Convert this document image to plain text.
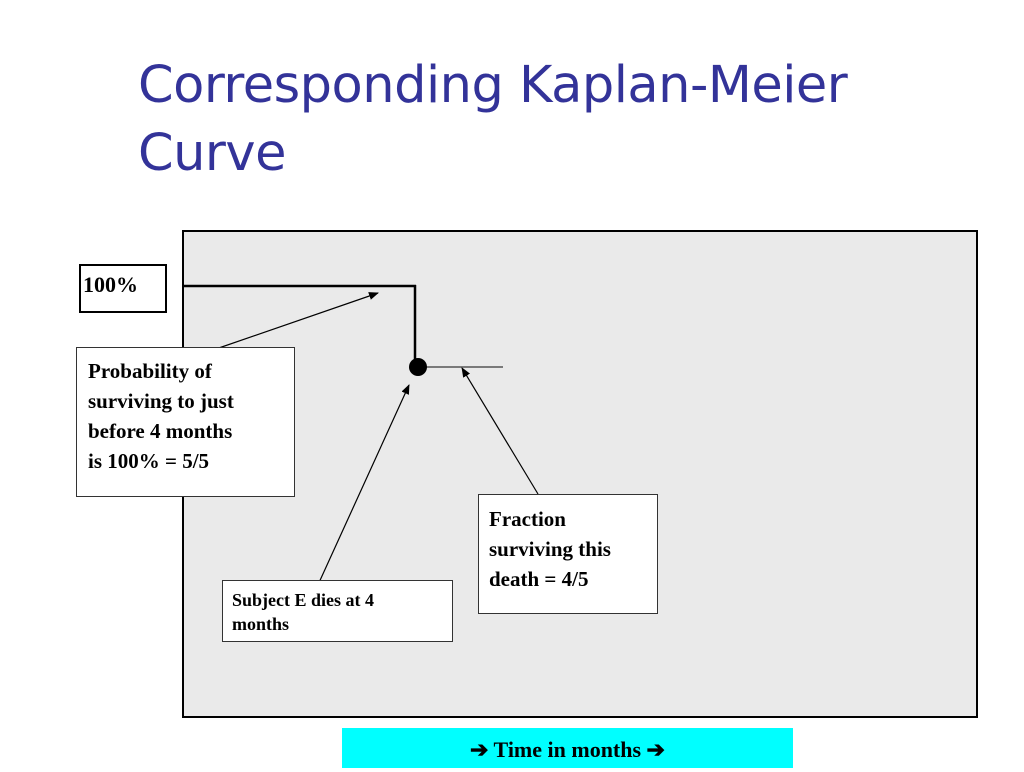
Corresponding Kaplan-Meier
Curve
100%
Probability of
surviving to just
before 4 months
is 100% = 5/5
Fraction
surviving this
death = 4/5
Subject E dies at 4
months
➔ Time in months ➔
